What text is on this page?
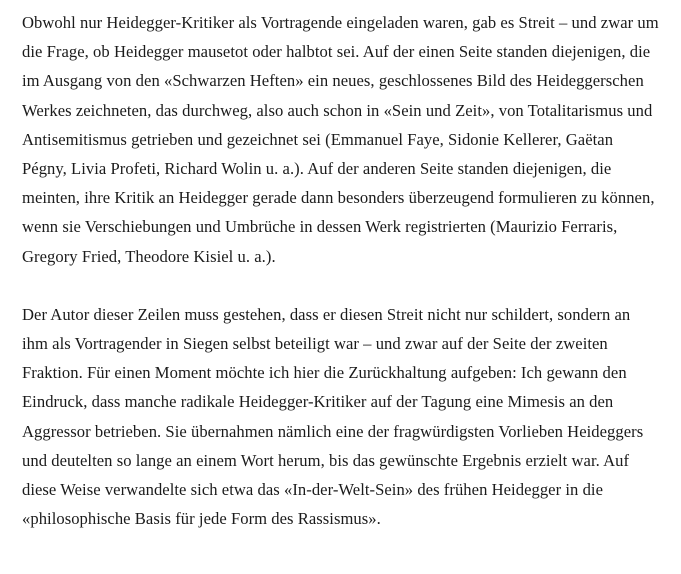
Obwohl nur Heidegger-Kritiker als Vortragende eingeladen waren, gab es Streit – und zwar um die Frage, ob Heidegger mausetot oder halbtot sei. Auf der einen Seite standen diejenigen, die im Ausgang von den «Schwarzen Heften» ein neues, geschlossenes Bild des Heideggerschen Werkes zeichneten, das durchweg, also auch schon in «Sein und Zeit», von Totalitarismus und Antisemitismus getrieben und gezeichnet sei (Emmanuel Faye, Sidonie Kellerer, Gaëtan Pégny, Livia Profeti, Richard Wolin u. a.). Auf der anderen Seite standen diejenigen, die meinten, ihre Kritik an Heidegger gerade dann besonders überzeugend formulieren zu können, wenn sie Verschiebungen und Umbrüche in dessen Werk registrierten (Maurizio Ferraris, Gregory Fried, Theodore Kisiel u. a.).

Der Autor dieser Zeilen muss gestehen, dass er diesen Streit nicht nur schildert, sondern an ihm als Vortragender in Siegen selbst beteiligt war – und zwar auf der Seite der zweiten Fraktion. Für einen Moment möchte ich hier die Zurückhaltung aufgeben: Ich gewann den Eindruck, dass manche radikale Heidegger-Kritiker auf der Tagung eine Mimesis an den Aggressor betrieben. Sie übernahmen nämlich eine der fragwürdigsten Vorlieben Heideggers und deutelten so lange an einem Wort herum, bis das gewünschte Ergebnis erzielt war. Auf diese Weise verwandelte sich etwa das «In-der-Welt-Sein» des frühen Heidegger in die «philosophische Basis für jede Form des Rassismus».
